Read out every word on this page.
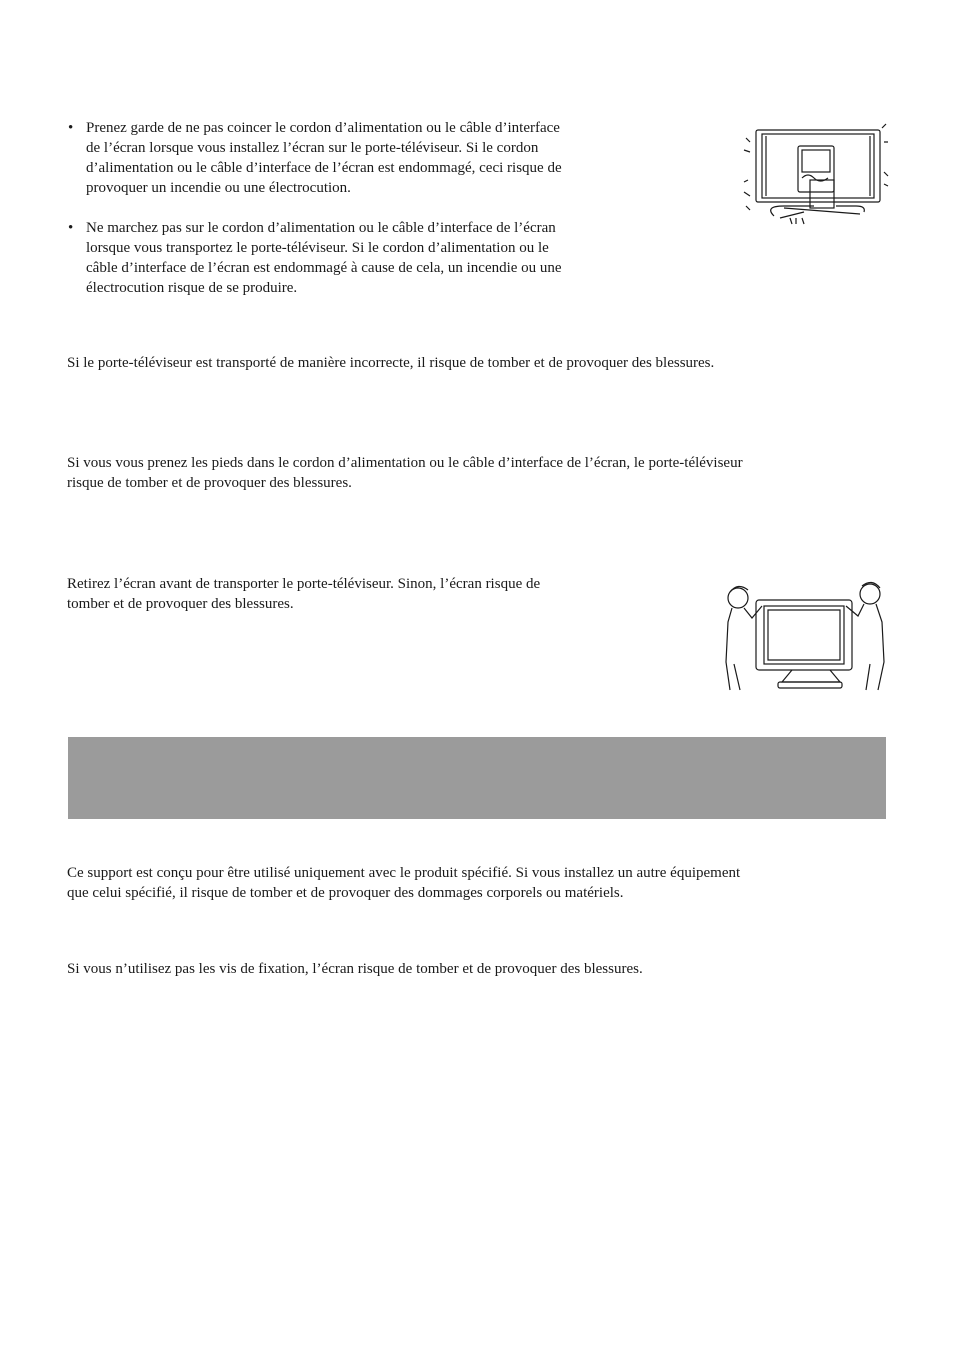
• Prenez garde de ne pas coincer le cordon d’alimentation ou le câble d’interface
de l’écran lorsque vous installez l’écran sur le porte-téléviseur. Si le cordon
d’alimentation ou le câble d’interface de l’écran est endommagé, ceci risque de
provoquer un incendie ou une électrocution.
• Ne marchez pas sur le cordon d’alimentation ou le câble d’interface de l’écran
lorsque vous transportez le porte-téléviseur. Si le cordon d’alimentation ou le
câble d’interface de l’écran est endommagé à cause de cela, un incendie ou une
électrocution risque de se produire.

Si le porte-téléviseur est transporté de manière incorrecte, il risque de tomber et de provoquer des blessures.

Si vous vous prenez les pieds dans le cordon d’alimentation ou le câble d’interface de l’écran, le porte-téléviseur
risque de tomber et de provoquer des blessures.
Retirez l’écran avant de transporter le porte-téléviseur. Sinon, l’écran risque de
tomber et de provoquer des blessures.
Ce support est conçu pour être utilisé uniquement avec le produit spécifié. Si vous installez un autre équipement
que celui spécifié, il risque de tomber et de provoquer des dommages corporels ou matériels.

Si vous n’utilisez pas les vis de fixation, l’écran risque de tomber et de provoquer des blessures.
